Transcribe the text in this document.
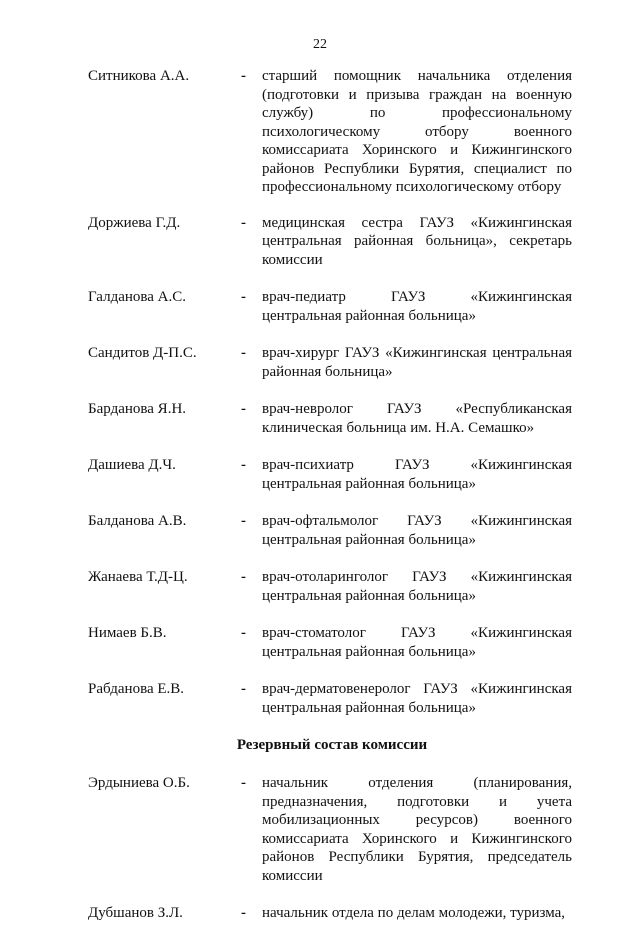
22
Ситникова А.А.	- старший помощник начальника отделения (подготовки и призыва граждан на военную службу) по профессиональному психологическому отбору военного комиссариата Хоринского и Кижингинского районов Республики Бурятия, специалист по профессиональному психологическому отбору
Доржиева Г.Д.	- медицинская сестра ГАУЗ «Кижингинская центральная районная больница», секретарь комиссии
Галданова А.С.	- врач-педиатр ГАУЗ «Кижингинская центральная районная больница»
Сандитов Д-П.С.	- врач-хирург ГАУЗ «Кижингинская центральная районная больница»
Барданова Я.Н.	- врач-невролог ГАУЗ «Республиканская клиническая больница им. Н.А. Семашко»
Дашиева Д.Ч.	- врач-психиатр ГАУЗ «Кижингинская центральная районная больница»
Балданова А.В.	- врач-офтальмолог ГАУЗ «Кижингинская центральная районная больница»
Жанаева Т.Д-Ц.	- врач-отоларинголог ГАУЗ «Кижингинская центральная районная больница»
Нимаев Б.В.	- врач-стоматолог ГАУЗ «Кижингинская центральная районная больница»
Рабданова Е.В.	- врач-дерматовенеролог ГАУЗ «Кижингинская центральная районная больница»
Резервный состав комиссии
Эрдыниева О.Б.	- начальник отделения (планирования, предназначения, подготовки и учета мобилизационных ресурсов) военного комиссариата Хоринского и Кижингинского районов Республики Бурятия, председатель комиссии
Дубшанов З.Л.	- начальник отдела по делам молодежи, туризма,
